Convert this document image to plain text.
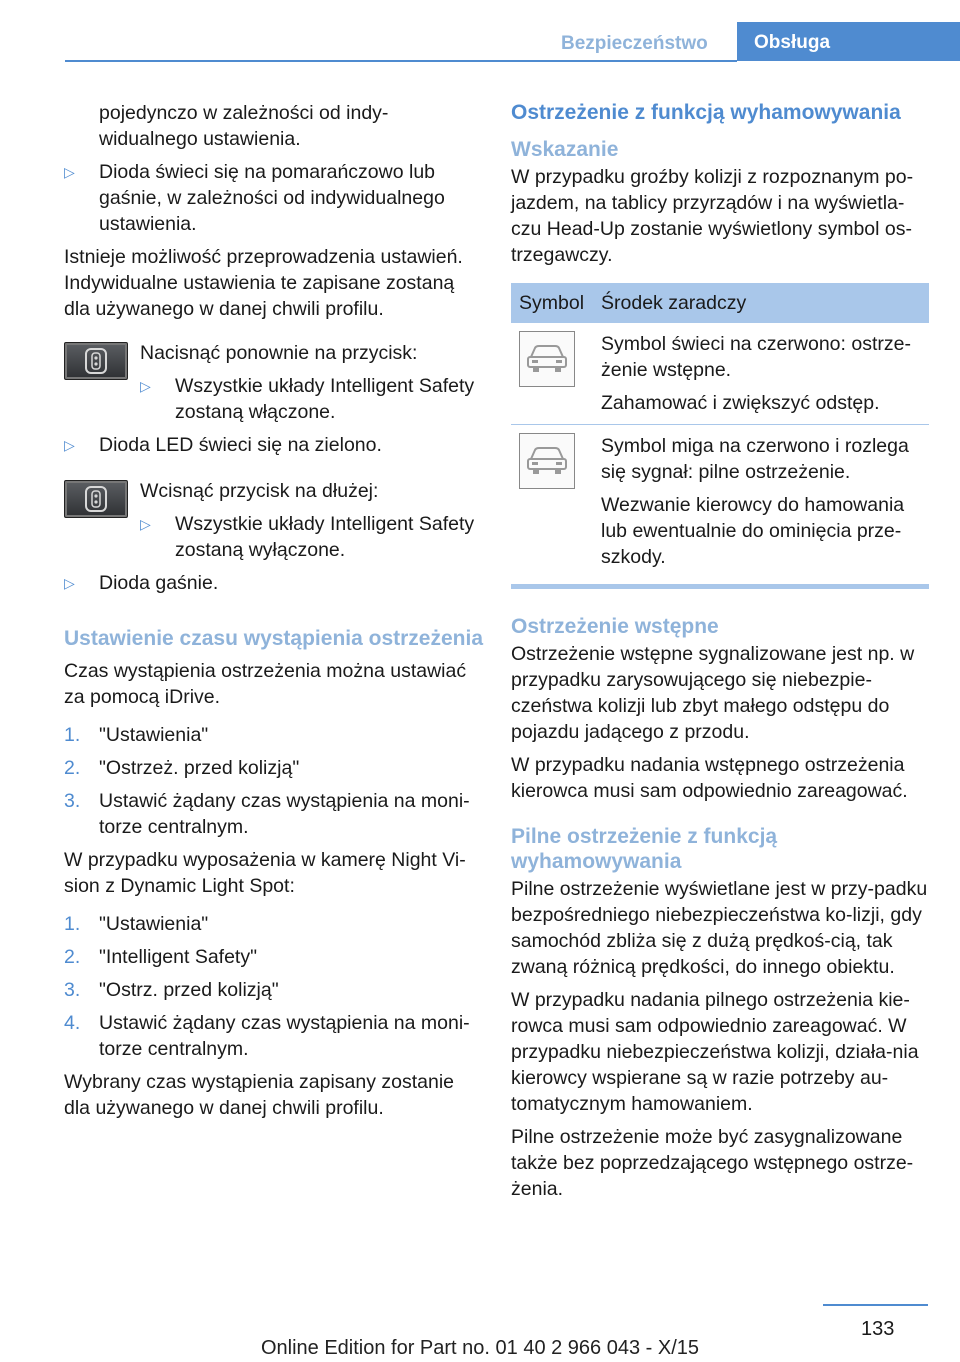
Bezpieczeństwo	Obsługa
pojedynczo w zależności od indy‐
widualnego ustawienia.
▷ Dioda świeci się na pomarańczowo lub gaśnie, w zależności od indywidualnego ustawienia.

Istnieje możliwość przeprowadzenia ustawień. Indywidualne ustawienia te zapisane zostaną dla używanego w danej chwili profilu.

Nacisnąć ponownie na przycisk:

▷ Wszystkie układy Intelligent Safety zostaną włączone.
▷ Dioda LED świeci się na zielono.

Wcisnąć przycisk na dłużej:

▷ Wszystkie układy Intelligent Safety zostaną wyłączone.
▷ Dioda gaśnie.
Ustawienie czasu wystąpienia ostrzeżenia

Czas wystąpienia ostrzeżenia można ustawiać za pomocą iDrive.

1. "Ustawienia"
2. "Ostrzeż. przed kolizją"
3. Ustawić żądany czas wystąpienia na moni‐torze centralnym.

W przypadku wyposażenia w kamerę Night Vi‐sion z Dynamic Light Spot:

1. "Ustawienia"
2. "Intelligent Safety"
3. "Ostrz. przed kolizją"
4. Ustawić żądany czas wystąpienia na moni‐torze centralnym.

Wybrany czas wystąpienia zapisany zostanie dla używanego w danej chwili profilu.

Ostrzeżenie z funkcją wyhamowywania
Wskazanie

W przypadku groźby kolizji z rozpoznanym po‐jazdem, na tablicy przyrządów i na wyświetla‐czu Head-Up zostanie wyświetlony symbol os‐trzegawczy.

Symbol Środek zaradczy

Symbol świeci na czerwono: ostrze‐żenie wstępne.

Zahamować i zwiększyć odstęp.

Symbol miga na czerwono i rozlega się sygnał: pilne ostrzeżenie.

Wezwanie kierowcy do hamowania lub ewentualnie do ominięcia prze‐szkody.

Ostrzeżenie wstępne

Ostrzeżenie wstępne sygnalizowane jest np. w przypadku zarysowującego się niebezpie‐czeństwa kolizji lub zbyt małego odstępu do pojazdu jadącego z przodu.

W przypadku nadania wstępnego ostrzeżenia kierowca musi sam odpowiednio zareagować.

Pilne ostrzeżenie z funkcją wyhamowywania

Pilne ostrzeżenie wyświetlane jest w przy‐padku bezpośredniego niebezpieczeństwa ko‐lizji, gdy samochód zbliża się z dużą prędkoś‐cią, tak zwaną różnicą prędkości, do innego obiektu.

W przypadku nadania pilnego ostrzeżenia kie‐rowca musi sam odpowiednio zareagować. W przypadku niebezpieczeństwa kolizji, działa‐nia kierowcy wspierane są w razie potrzeby au‐tomatycznym hamowaniem.

Pilne ostrzeżenie może być zasygnalizowane także bez poprzedzającego wstępnego ostrze‐żenia.

133
Online Edition for Part no. 01 40 2 966 043 - X/15
